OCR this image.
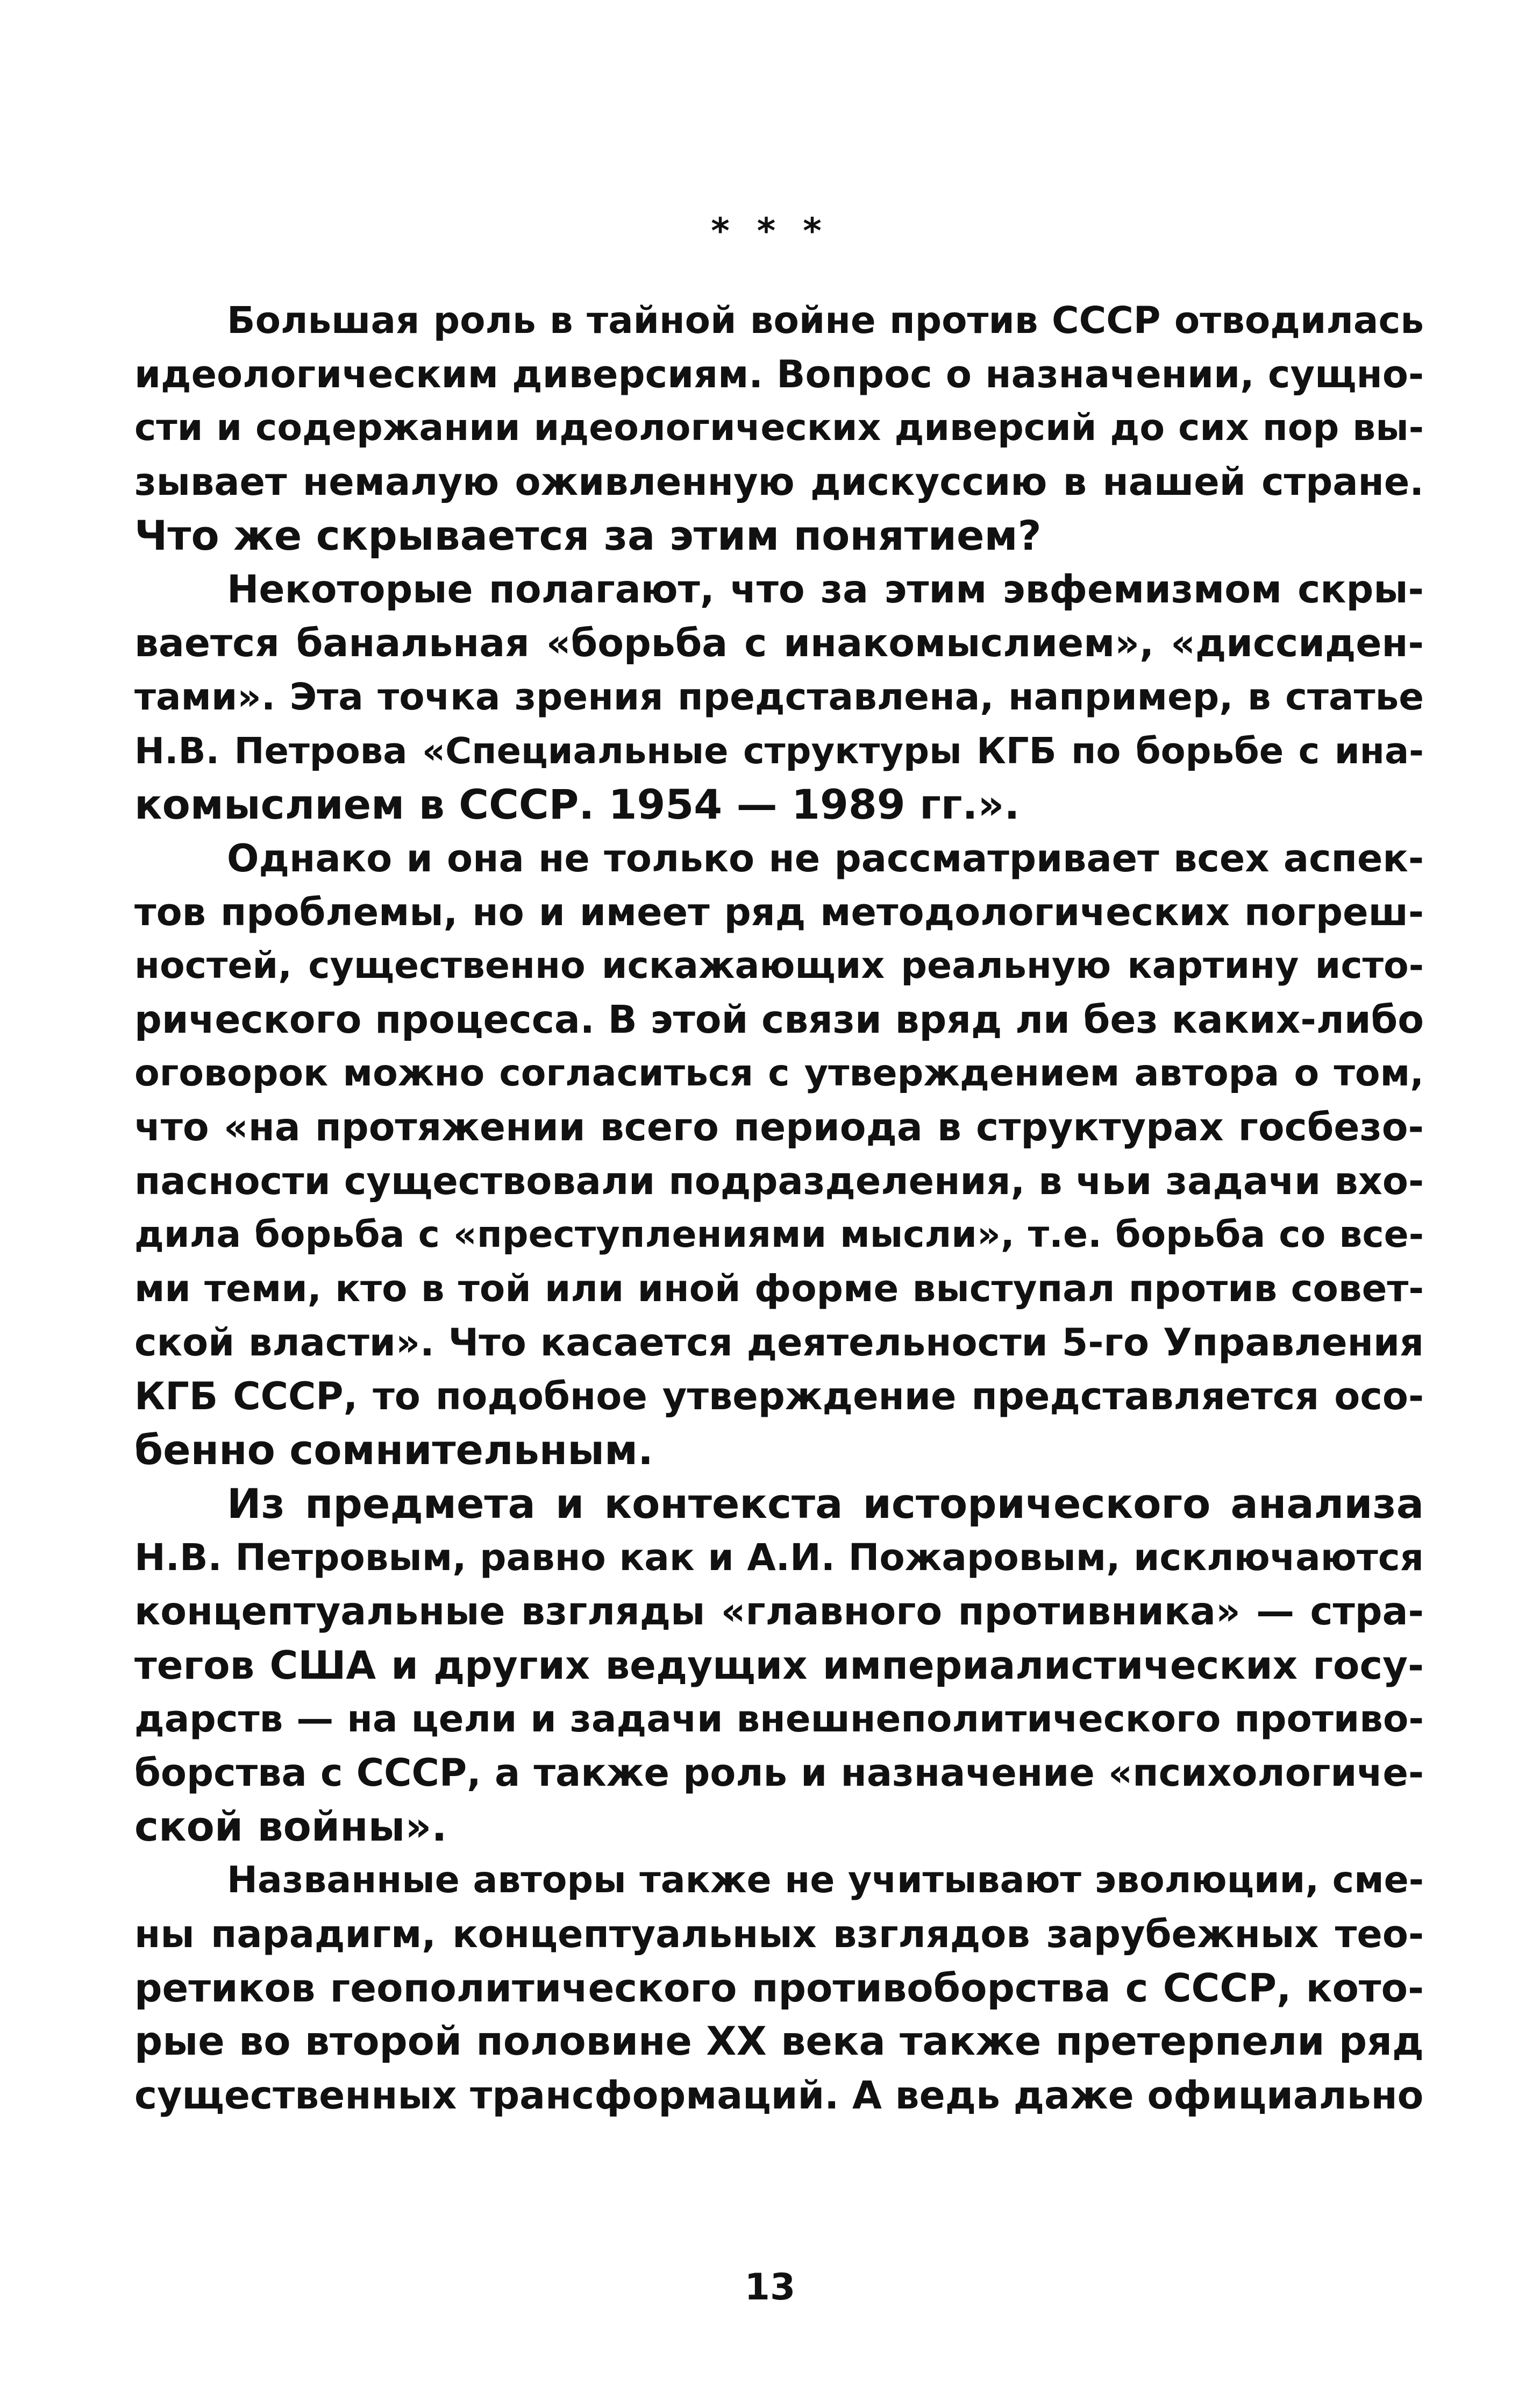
* * *
Большая роль в тайной войне против СССР отводилась
идеологическим диверсиям. Вопрос о назначении, сущно-
сти и содержании идеологических диверсий до сих пор вы-
зывает немалую оживленную дискуссию в нашей стране.
Что же скрывается за этим понятием?
Некоторые полагают, что за этим эвфемизмом скры-
вается банальная «борьба с инакомыслием», «диссиден-
тами». Эта точка зрения представлена, например, в статье
Н.В. Петрова «Специальные структуры КГБ по борьбе с ина-
комыслием в СССР. 1954 — 1989 гг.».
Однако и она не только не рассматривает всех аспек-
тов проблемы, но и имеет ряд методологических погреш-
ностей, существенно искажающих реальную картину исто-
рического процесса. В этой связи вряд ли без каких-либо
оговорок можно согласиться с утверждением автора о том,
что «на протяжении всего периода в структурах госбезо-
пасности существовали подразделения, в чьи задачи вхо-
дила борьба с «преступлениями мысли», т.е. борьба со все-
ми теми, кто в той или иной форме выступал против совет-
ской власти». Что касается деятельности 5-го Управления
КГБ СССР, то подобное утверждение представляется осо-
бенно сомнительным.
Из предмета и контекста исторического анализа
Н.В. Петровым, равно как и А.И. Пожаровым, исключаются
концептуальные взгляды «главного противника» — стра-
тегов США и других ведущих империалистических госу-
дарств — на цели и задачи внешнеполитического противо-
борства с СССР, а также роль и назначение «психологиче-
ской войны».
Названные авторы также не учитывают эволюции, сме-
ны парадигм, концептуальных взглядов зарубежных тео-
ретиков геополитического противоборства с СССР, кото-
рые во второй половине XX века также претерпели ряд
существенных трансформаций. А ведь даже официально
13
